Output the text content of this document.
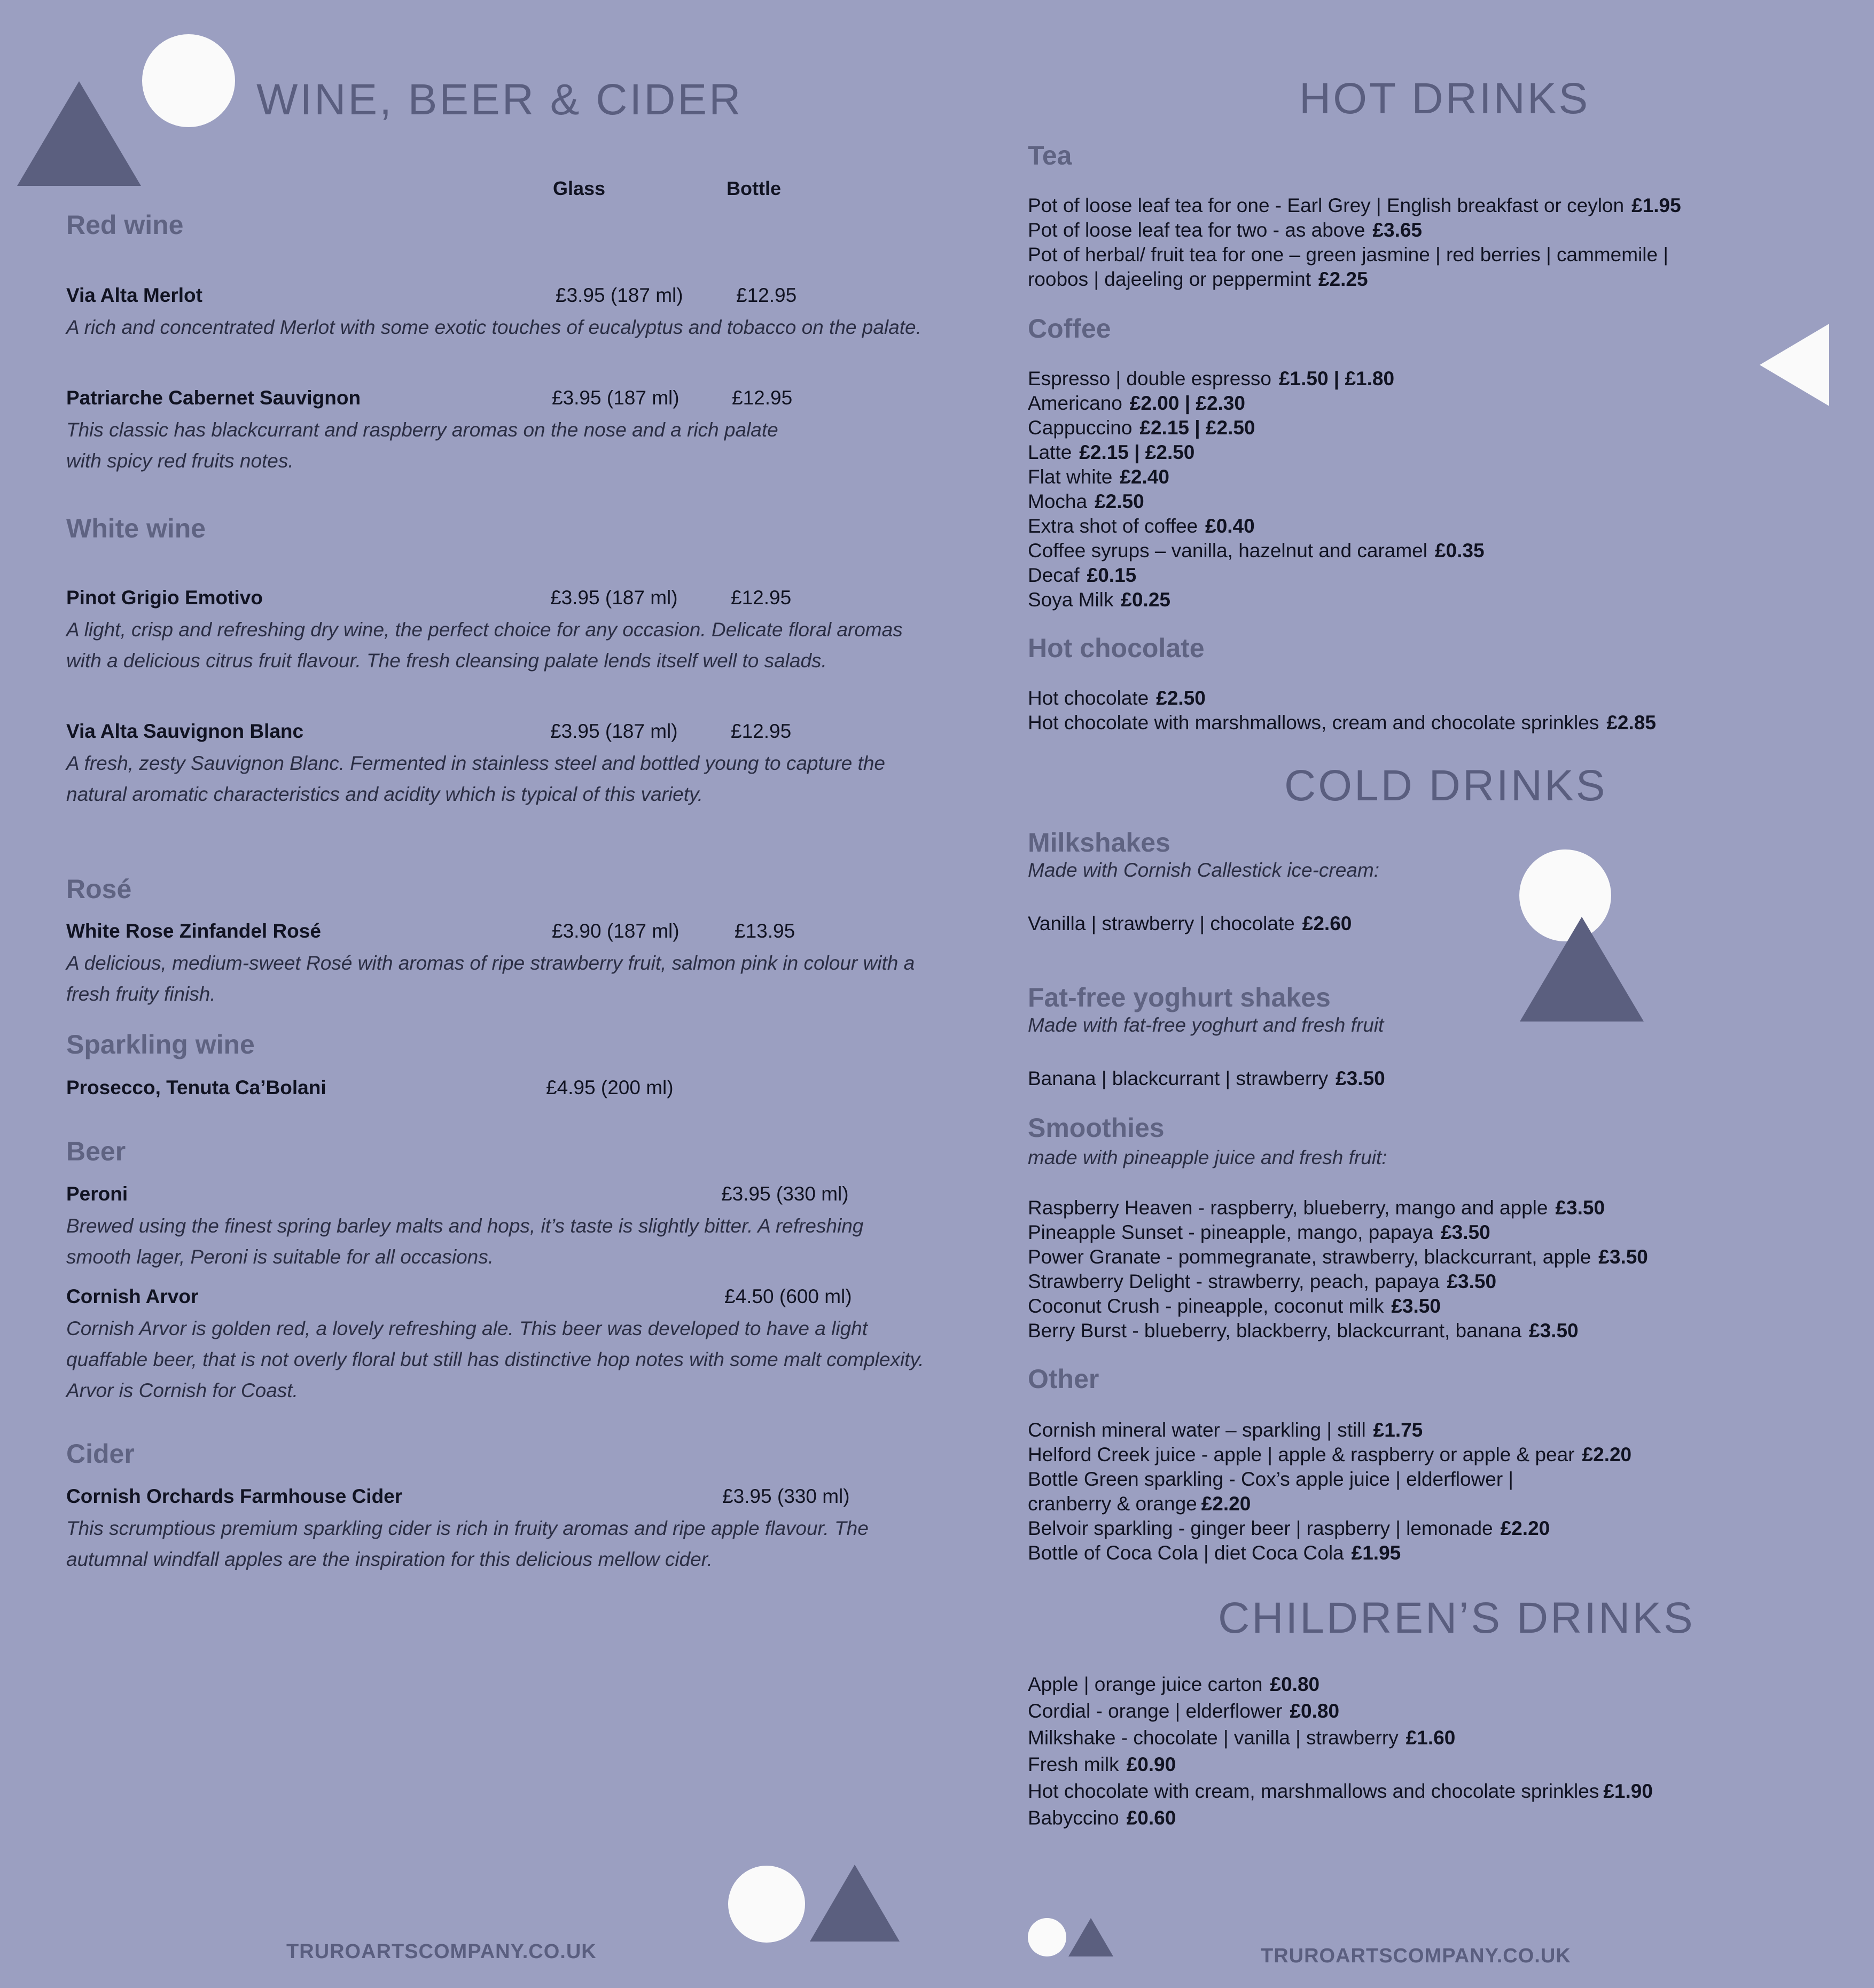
WINE, BEER & CIDER
Glass	Bottle
Red wine
Via Alta Merlot	£3.95 (187 ml)	£12.95
A rich and concentrated Merlot with some exotic touches of eucalyptus and tobacco on the palate.
Patriarche Cabernet Sauvignon	£3.95 (187 ml)	£12.95
This classic has blackcurrant and raspberry aromas on the nose and a rich palate with spicy red fruits notes.
White wine
Pinot Grigio Emotivo	£3.95 (187 ml)	£12.95
A light, crisp and refreshing dry wine, the perfect choice for any occasion. Delicate floral aromas with a delicious citrus fruit flavour. The fresh cleansing palate lends itself well to salads.
Via Alta Sauvignon Blanc	£3.95 (187 ml)	£12.95
A fresh, zesty Sauvignon Blanc. Fermented in stainless steel and bottled young to capture the natural aromatic characteristics and acidity which is typical of this variety.
Rosé
White Rose Zinfandel Rosé	£3.90 (187 ml)	£13.95
A delicious, medium-sweet Rosé with aromas of ripe strawberry fruit, salmon pink in colour with a fresh fruity finish.
Sparkling wine
Prosecco, Tenuta Ca’Bolani	£4.95 (200 ml)
Beer
Peroni	£3.95 (330 ml)
Brewed using the finest spring barley malts and hops, it’s taste is slightly bitter. A refreshing smooth lager, Peroni is suitable for all occasions.
Cornish Arvor	£4.50 (600 ml)
Cornish Arvor is golden red, a lovely refreshing ale. This beer was developed to have a light quaffable beer, that is not overly floral but still has distinctive hop notes with some malt complexity. Arvor is Cornish for Coast.
Cider
Cornish Orchards Farmhouse Cider	£3.95 (330 ml)
This scrumptious premium sparkling cider is rich in fruity aromas and ripe apple flavour. The autumnal windfall apples are the inspiration for this delicious mellow cider.
TRUROARTSCOMPANY.CO.UK
HOT DRINKS
Tea
Pot of loose leaf tea for one - Earl Grey | English breakfast or ceylon £1.95
Pot of loose leaf tea for two - as above £3.65
Pot of herbal/ fruit tea for one – green jasmine | red berries | cammemile |
roobos | dajeeling or peppermint £2.25
Coffee
Espresso | double espresso £1.50 | £1.80
Americano £2.00 | £2.30
Cappuccino £2.15 | £2.50
Latte £2.15 | £2.50
Flat white £2.40
Mocha £2.50
Extra shot of coffee £0.40
Coffee syrups – vanilla, hazelnut and caramel £0.35
Decaf £0.15
Soya Milk £0.25
Hot chocolate
Hot chocolate £2.50
Hot chocolate with marshmallows, cream and chocolate sprinkles £2.85
COLD DRINKS
Milkshakes
Made with Cornish Callestick ice-cream:
Vanilla | strawberry | chocolate £2.60
Fat-free yoghurt shakes
Made with fat-free yoghurt and fresh fruit
Banana | blackcurrant | strawberry £3.50
Smoothies
made with pineapple juice and fresh fruit:
Raspberry Heaven - raspberry, blueberry, mango and apple £3.50
Pineapple Sunset - pineapple, mango, papaya £3.50
Power Granate - pommegranate, strawberry, blackcurrant, apple £3.50
Strawberry Delight - strawberry, peach, papaya £3.50
Coconut Crush - pineapple, coconut milk £3.50
Berry Burst - blueberry, blackberry, blackcurrant, banana £3.50
Other
Cornish mineral water – sparkling | still £1.75
Helford Creek juice - apple | apple & raspberry or apple & pear £2.20
Bottle Green sparkling - Cox’s apple juice | elderflower |
cranberry & orange £2.20
Belvoir sparkling - ginger beer | raspberry | lemonade £2.20
Bottle of Coca Cola | diet Coca Cola £1.95
CHILDREN’S DRINKS
Apple | orange juice carton £0.80
Cordial - orange | elderflower £0.80
Milkshake - chocolate | vanilla | strawberry £1.60
Fresh milk £0.90
Hot chocolate with cream, marshmallows and chocolate sprinkles £1.90
Babyccino £0.60
TRUROARTSCOMPANY.CO.UK
